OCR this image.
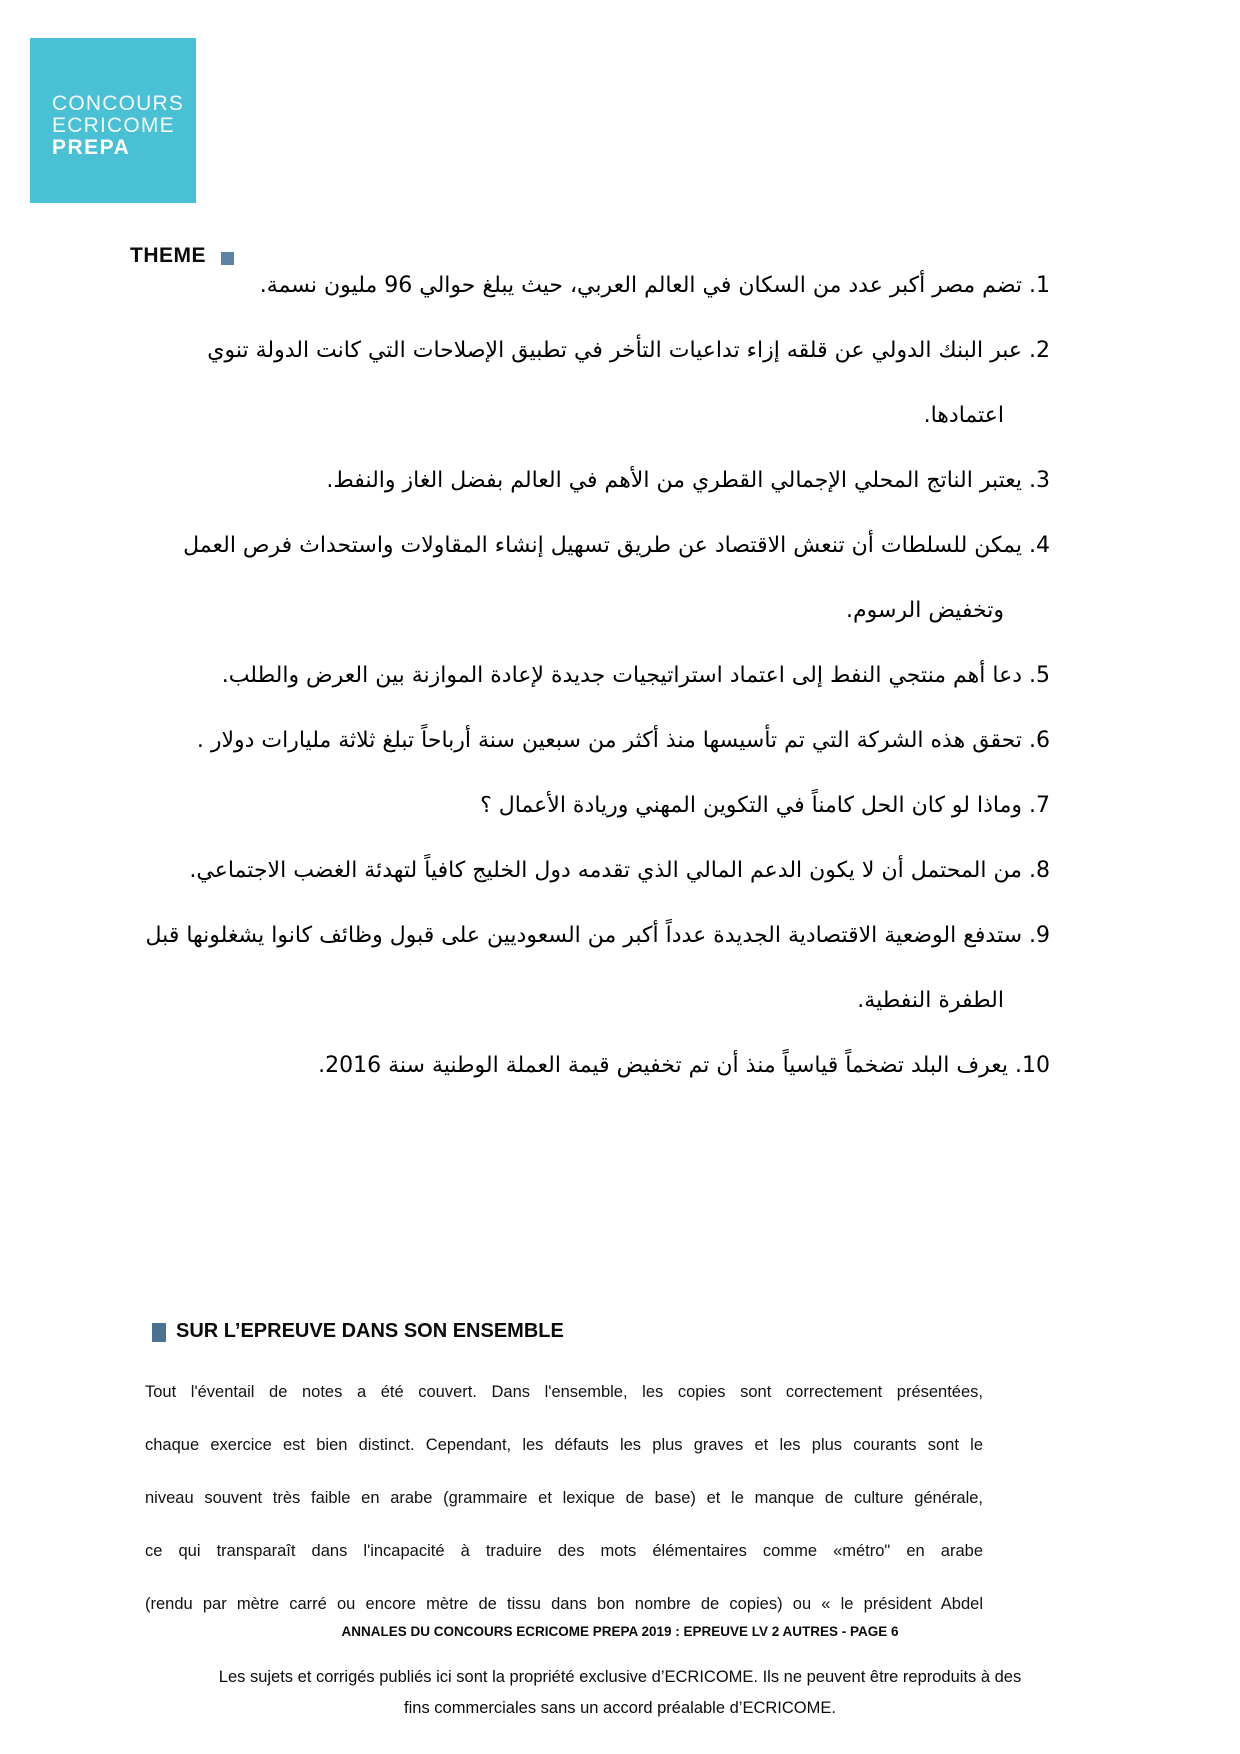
CONCOURS
ECRICOME
PREPA
THEME
1. تضم مصر أكبر عدد من السكان في العالم العربي، حيث يبلغ حوالي 96 مليون نسمة.
2. عبر البنك الدولي عن قلقه إزاء تداعيات التأخر في تطبيق الإصلاحات التي كانت الدولة تنوي اعتمادها.
3. يعتبر الناتج المحلي الإجمالي القطري من الأهم في العالم بفضل الغاز والنفط.
4. يمكن للسلطات أن تنعش الاقتصاد عن طريق تسهيل إنشاء المقاولات واستحداث فرص العمل وتخفيض الرسوم.
5. دعا أهم منتجي النفط إلى اعتماد استراتيجيات جديدة لإعادة الموازنة بين العرض والطلب.
6. تحقق هذه الشركة التي تم تأسيسها منذ أكثر من سبعين سنة أرباحاً تبلغ ثلاثة مليارات دولار .
7. وماذا لو كان الحل كامناً في التكوين المهني وريادة الأعمال ؟
8. من المحتمل أن لا يكون الدعم المالي الذي تقدمه دول الخليج كافياً لتهدئة الغضب الاجتماعي.
9. ستدفع الوضعية الاقتصادية الجديدة عدداً أكبر من السعوديين على قبول وظائف كانوا يشغلونها قبل الطفرة النفطية.
10. يعرف البلد تضخماً قياسياً منذ أن تم تخفيض قيمة العملة الوطنية سنة 2016.
SUR L’EPREUVE DANS SON ENSEMBLE
Tout l'éventail de notes a été couvert. Dans l'ensemble, les copies sont correctement présentées,
chaque exercice est bien distinct. Cependant, les défauts les plus graves et les plus courants sont le
niveau souvent très faible en arabe (grammaire et lexique de base) et le manque de culture générale,
ce qui transparaît dans l'incapacité à traduire des mots élémentaires comme «métro" en arabe
(rendu par mètre carré ou encore mètre de tissu dans bon nombre de copies) ou « le président Abdel
ANNALES DU CONCOURS ECRICOME PREPA 2019 : EPREUVE LV 2 AUTRES - PAGE 6
Les sujets et corrigés publiés ici sont la propriété exclusive d’ECRICOME. Ils ne peuvent être reproduits à des
fins commerciales sans un accord préalable d’ECRICOME.
